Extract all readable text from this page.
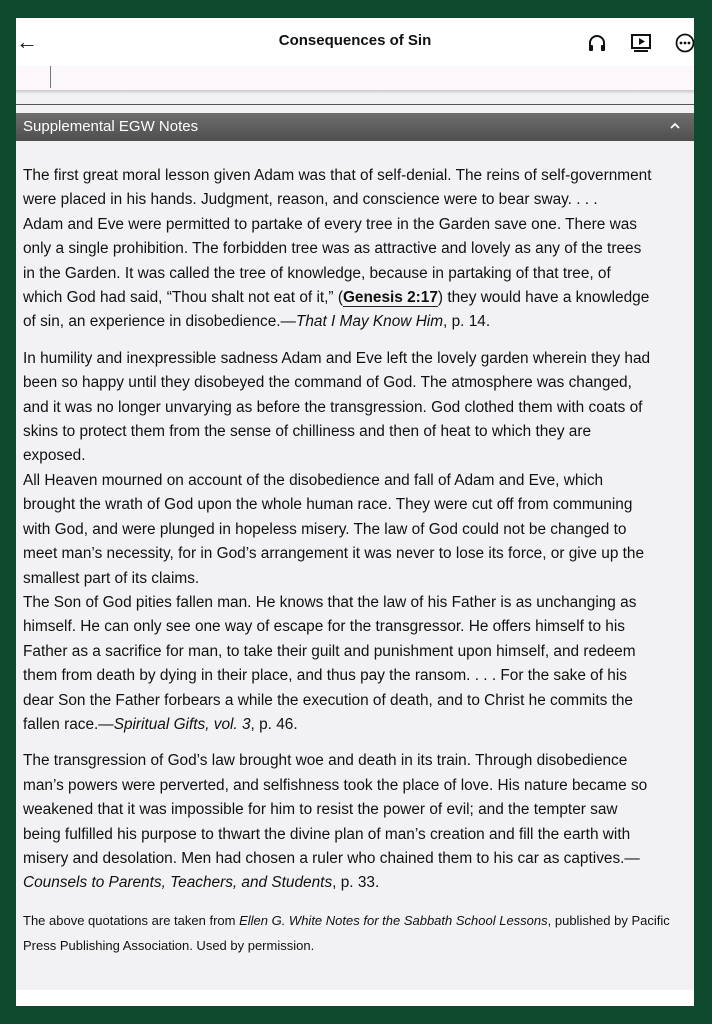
←	Consequences of Sin
Supplemental EGW Notes
The first great moral lesson given Adam was that of self-denial. The reins of self-government
were placed in his hands. Judgment, reason, and conscience were to bear sway. . . .
Adam and Eve were permitted to partake of every tree in the Garden save one. There was
only a single prohibition. The forbidden tree was as attractive and lovely as any of the trees
in the Garden. It was called the tree of knowledge, because in partaking of that tree, of
which God had said, “Thou shalt not eat of it,” (Genesis 2:17) they would have a knowledge
of sin, an experience in disobedience.—That I May Know Him, p. 14.
In humility and inexpressible sadness Adam and Eve left the lovely garden wherein they had
been so happy until they disobeyed the command of God. The atmosphere was changed,
and it was no longer unvarying as before the transgression. God clothed them with coats of
skins to protect them from the sense of chilliness and then of heat to which they are
exposed.
All Heaven mourned on account of the disobedience and fall of Adam and Eve, which
brought the wrath of God upon the whole human race. They were cut off from communing
with God, and were plunged in hopeless misery. The law of God could not be changed to
meet man’s necessity, for in God’s arrangement it was never to lose its force, or give up the
smallest part of its claims.
The Son of God pities fallen man. He knows that the law of his Father is as unchanging as
himself. He can only see one way of escape for the transgressor. He offers himself to his
Father as a sacrifice for man, to take their guilt and punishment upon himself, and redeem
them from death by dying in their place, and thus pay the ransom. . . . For the sake of his
dear Son the Father forbears a while the execution of death, and to Christ he commits the
fallen race.—Spiritual Gifts, vol. 3, p. 46.
The transgression of God’s law brought woe and death in its train. Through disobedience
man’s powers were perverted, and selfishness took the place of love. His nature became so
weakened that it was impossible for him to resist the power of evil; and the tempter saw
being fulfilled his purpose to thwart the divine plan of man’s creation and fill the earth with
misery and desolation. Men had chosen a ruler who chained them to his car as captives.—
Counsels to Parents, Teachers, and Students, p. 33.
The above quotations are taken from Ellen G. White Notes for the Sabbath School Lessons, published by Pacific
Press Publishing Association. Used by permission.
